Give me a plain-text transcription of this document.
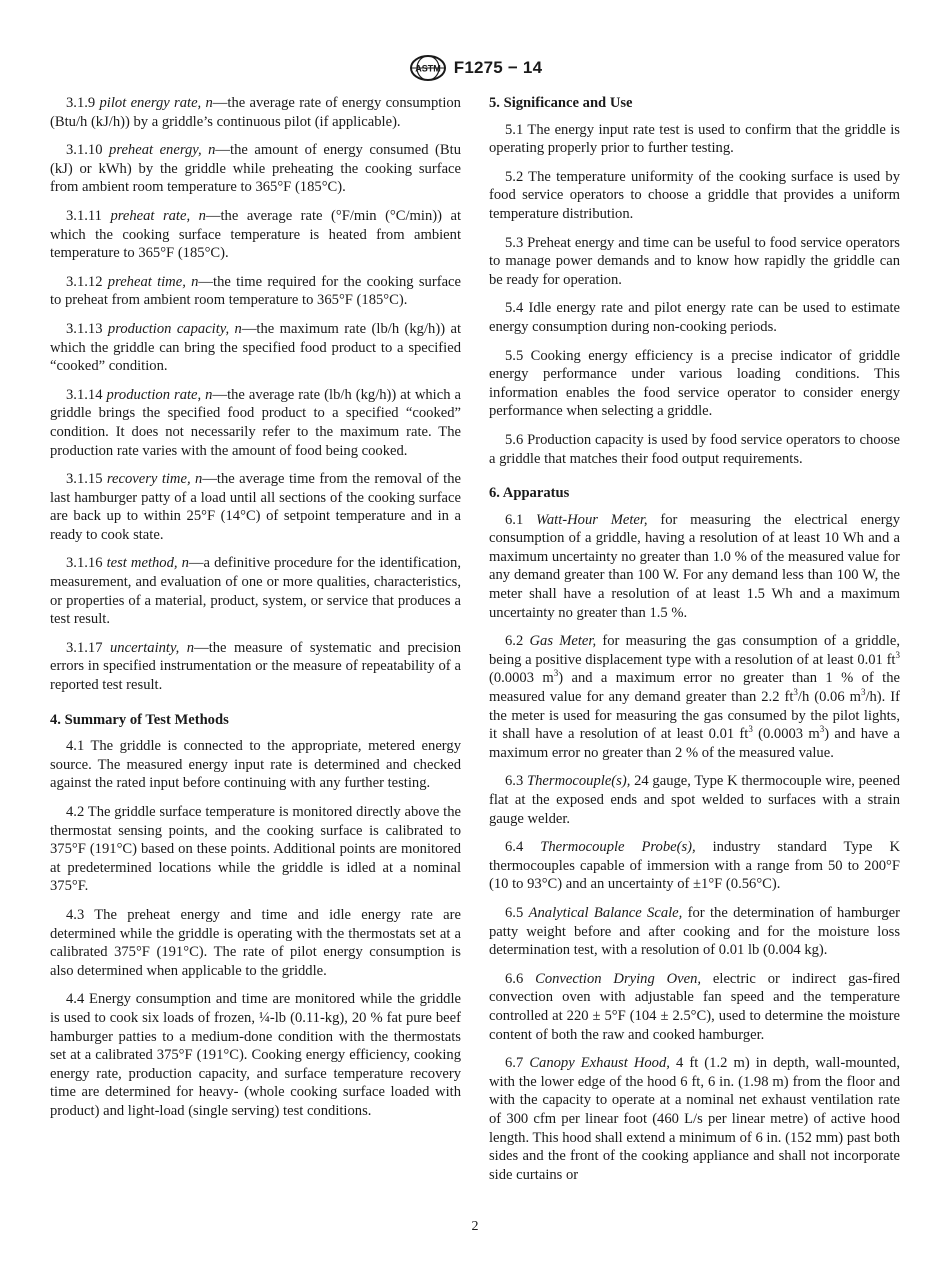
ASTM F1275 − 14

3.1.9 pilot energy rate, n—the average rate of energy consumption (Btu/h (kJ/h)) by a griddle’s continuous pilot (if applicable).

3.1.10 preheat energy, n—the amount of energy consumed (Btu (kJ) or kWh) by the griddle while preheating the cooking surface from ambient room temperature to 365°F (185°C).

3.1.11 preheat rate, n—the average rate (°F/min (°C/min)) at which the cooking surface temperature is heated from ambient temperature to 365°F (185°C).

3.1.12 preheat time, n—the time required for the cooking surface to preheat from ambient room temperature to 365°F (185°C).

3.1.13 production capacity, n—the maximum rate (lb/h (kg/h)) at which the griddle can bring the specified food product to a specified “cooked” condition.

3.1.14 production rate, n—the average rate (lb/h (kg/h)) at which a griddle brings the specified food product to a specified “cooked” condition. It does not necessarily refer to the maximum rate. The production rate varies with the amount of food being cooked.

3.1.15 recovery time, n—the average time from the removal of the last hamburger patty of a load until all sections of the cooking surface are back up to within 25°F (14°C) of setpoint temperature and in a ready to cook state.

3.1.16 test method, n—a definitive procedure for the identification, measurement, and evaluation of one or more qualities, characteristics, or properties of a material, product, system, or service that produces a test result.

3.1.17 uncertainty, n—the measure of systematic and precision errors in specified instrumentation or the measure of repeatability of a reported test result.

4. Summary of Test Methods

4.1 The griddle is connected to the appropriate, metered energy source. The measured energy input rate is determined and checked against the rated input before continuing with any further testing.

4.2 The griddle surface temperature is monitored directly above the thermostat sensing points, and the cooking surface is calibrated to 375°F (191°C) based on these points. Additional points are monitored at predetermined locations while the griddle is idled at a nominal 375°F.

4.3 The preheat energy and time and idle energy rate are determined while the griddle is operating with the thermostats set at a calibrated 375°F (191°C). The rate of pilot energy consumption is also determined when applicable to the griddle.

4.4 Energy consumption and time are monitored while the griddle is used to cook six loads of frozen, ¼-lb (0.11-kg), 20 % fat pure beef hamburger patties to a medium-done condition with the thermostats set at a calibrated 375°F (191°C). Cooking energy efficiency, cooking energy rate, production capacity, and surface temperature recovery time are determined for heavy- (whole cooking surface loaded with product) and light-load (single serving) test conditions.

5. Significance and Use

5.1 The energy input rate test is used to confirm that the griddle is operating properly prior to further testing.

5.2 The temperature uniformity of the cooking surface is used by food service operators to choose a griddle that provides a uniform temperature distribution.

5.3 Preheat energy and time can be useful to food service operators to manage power demands and to know how rapidly the griddle can be ready for operation.

5.4 Idle energy rate and pilot energy rate can be used to estimate energy consumption during non-cooking periods.

5.5 Cooking energy efficiency is a precise indicator of griddle energy performance under various loading conditions. This information enables the food service operator to consider energy performance when selecting a griddle.

5.6 Production capacity is used by food service operators to choose a griddle that matches their food output requirements.

6. Apparatus

6.1 Watt-Hour Meter, for measuring the electrical energy consumption of a griddle, having a resolution of at least 10 Wh and a maximum uncertainty no greater than 1.0 % of the measured value for any demand greater than 100 W. For any demand less than 100 W, the meter shall have a resolution of at least 1.5 Wh and a maximum uncertainty no greater than 1.5 %.

6.2 Gas Meter, for measuring the gas consumption of a griddle, being a positive displacement type with a resolution of at least 0.01 $ft^3$ (0.0003 $m^3$) and a maximum error no greater than 1 % of the measured value for any demand greater than 2.2 $ft^3/h$ (0.06 $m^3/h$). If the meter is used for measuring the gas consumed by the pilot lights, it shall have a resolution of at least 0.01 $ft^3$ (0.0003 $m^3$) and have a maximum error no greater than 2 % of the measured value.

6.3 Thermocouple(s), 24 gauge, Type K thermocouple wire, peened flat at the exposed ends and spot welded to surfaces with a strain gauge welder.

6.4 Thermocouple Probe(s), industry standard Type K thermocouples capable of immersion with a range from 50 to 200°F (10 to 93°C) and an uncertainty of ±1°F (0.56°C).

6.5 Analytical Balance Scale, for the determination of hamburger patty weight before and after cooking and for the moisture loss determination test, with a resolution of 0.01 lb (0.004 kg).

6.6 Convection Drying Oven, electric or indirect gas-fired convection oven with adjustable fan speed and the temperature controlled at 220 ± 5°F (104 ± 2.5°C), used to determine the moisture content of both the raw and cooked hamburger.

6.7 Canopy Exhaust Hood, 4 ft (1.2 m) in depth, wall-mounted, with the lower edge of the hood 6 ft, 6 in. (1.98 m) from the floor and with the capacity to operate at a nominal net exhaust ventilation rate of 300 cfm per linear foot (460 L/s per linear metre) of active hood length. This hood shall extend a minimum of 6 in. (152 mm) past both sides and the front of the cooking appliance and shall not incorporate side curtains or

2
